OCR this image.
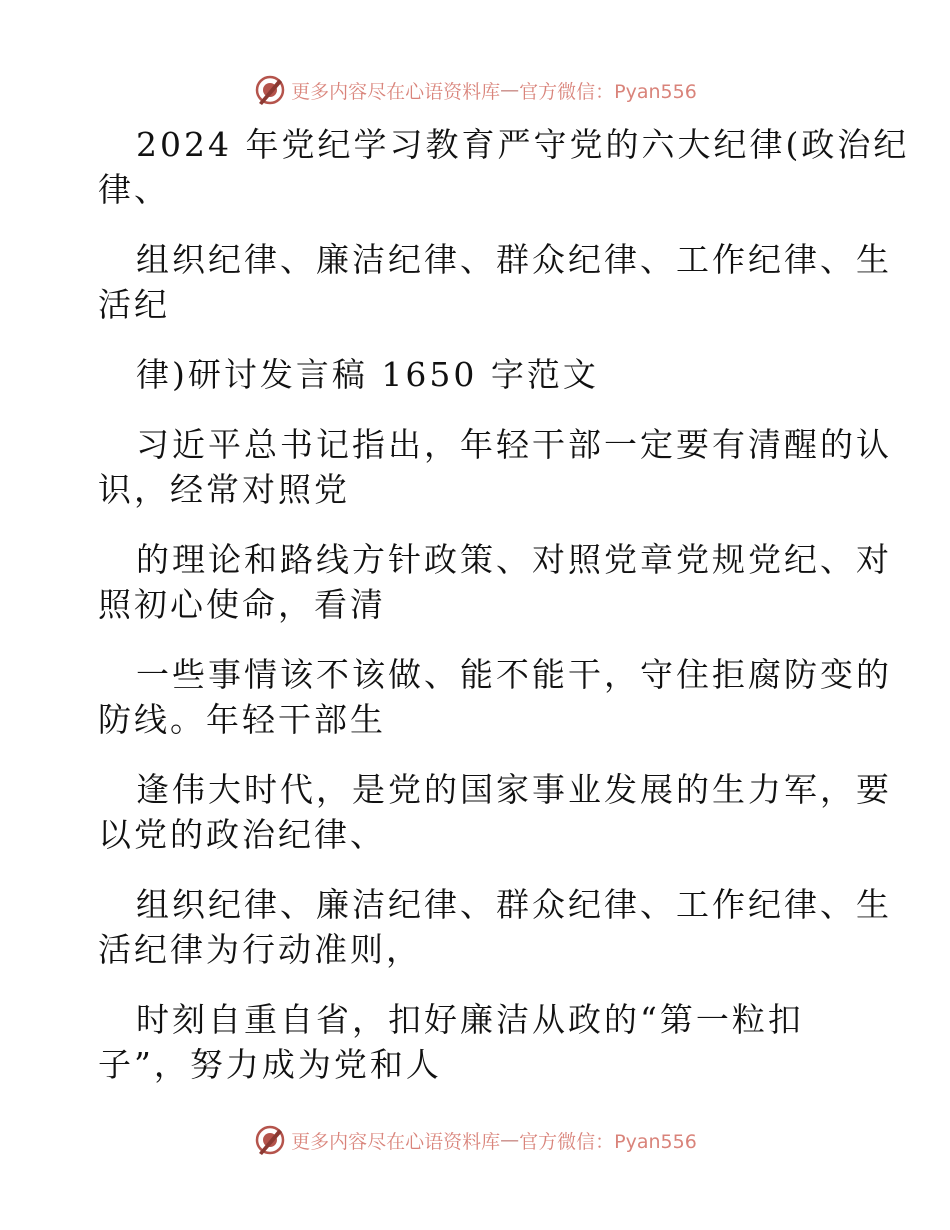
更多内容尽在心语资料库 — 官方微信：Pyan556
2024 年党纪学习教育严守党的六大纪律(政治纪
律、
组织纪律、廉洁纪律、群众纪律、工作纪律、生
活纪
律)研讨发言稿 1650 字范文
习近平总书记指出，年轻干部一定要有清醒的认
识，经常对照党
的理论和路线方针政策、对照党章党规党纪、对
照初心使命，看清
一些事情该不该做、能不能干，守住拒腐防变的
防线。年轻干部生
逢伟大时代，是党的国家事业发展的生力军，要
以党的政治纪律、
组织纪律、廉洁纪律、群众纪律、工作纪律、生
活纪律为行动准则，
时刻自重自省，扣好廉洁从政的“第一粒扣
子”，努力成为党和人
更多内容尽在心语资料库 — 官方微信：Pyan556
